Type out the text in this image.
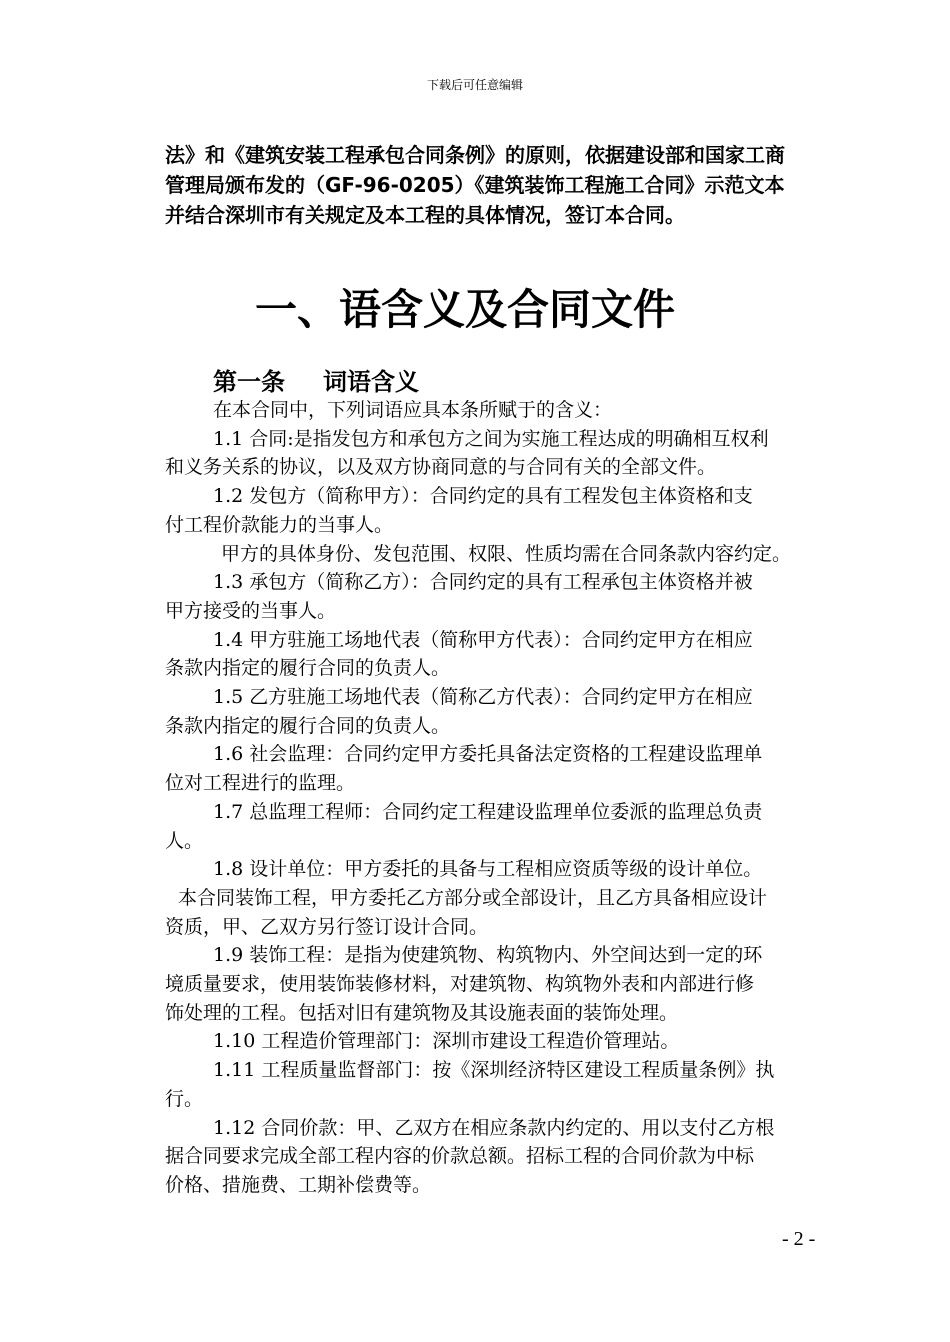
下载后可任意编辑

法》和《建筑安装工程承包合同条例》的原则，依据建设部和国家工商

管理局颁布发的（GF-96-0205）《建筑装饰工程施工合同》示范文本

并结合深圳市有关规定及本工程的具体情况，签订本合同。

一、语含义及合同文件
第一条 词语含义

在本合同中，下列词语应具本条所赋于的含义：

1.1 合同:是指发包方和承包方之间为实施工程达成的明确相互权利

和义务关系的协议，以及双方协商同意的与合同有关的全部文件。

1.2 发包方（简称甲方）：合同约定的具有工程发包主体资格和支

付工程价款能力的当事人。

甲方的具体身份、发包范围、权限、性质均需在合同条款内容约定。

1.3 承包方（简称乙方）：合同约定的具有工程承包主体资格并被

甲方接受的当事人。

1.4 甲方驻施工场地代表（简称甲方代表）：合同约定甲方在相应

条款内指定的履行合同的负责人。

1.5 乙方驻施工场地代表（简称乙方代表）：合同约定甲方在相应

条款内指定的履行合同的负责人。

1.6 社会监理：合同约定甲方委托具备法定资格的工程建设监理单

位对工程进行的监理。

1.7 总监理工程师：合同约定工程建设监理单位委派的监理总负责

人。

1.8 设计单位：甲方委托的具备与工程相应资质等级的设计单位。

本合同装饰工程，甲方委托乙方部分或全部设计，且乙方具备相应设计

资质，甲、乙双方另行签订设计合同。

1.9 装饰工程：是指为使建筑物、构筑物内、外空间达到一定的环

境质量要求，使用装饰装修材料，对建筑物、构筑物外表和内部进行修

饰处理的工程。包括对旧有建筑物及其设施表面的装饰处理。

1.10 工程造价管理部门：深圳市建设工程造价管理站。

1.11 工程质量监督部门：按《深圳经济特区建设工程质量条例》执

行。

1.12 合同价款：甲、乙双方在相应条款内约定的、用以支付乙方根

据合同要求完成全部工程内容的价款总额。招标工程的合同价款为中标

价格、措施费、工期补偿费等。

- 2 -
